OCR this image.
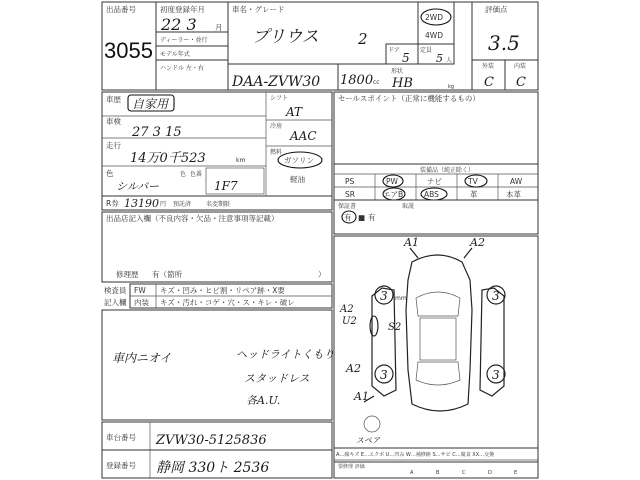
出品番号
3055
初度登録年月
22 3 月
ディーラー・並行
モデル年式
ハンドル 左・右
車名・グレード
プリウス	2
DAA-ZVW30 1800 cc
ドア
5
定員
5 人
形状
HB	kg
2WD
4WD
評価点
3.5
外装	内装
C C
車歴 自家用
車検
27 3 15
走行
14万0千523	km
色
シルバー
色 色番
1F7
シフト
AT
冷房
AAC
燃料
ガソリン
軽油
R券 13190 円 預託済 名変期限
セールスポイント（正常に機能するもの）
装備品（純正除く）
PS	PW	ナビ	TV	AW
SR	エアB	ABS	革	本革
保証書
有 ■
取説
有
出品店記入欄（不良内容・欠品・注意事項等記載）
修理歴 有（箇所	）
検査員
記入欄
FW
内装
キズ・凹み・ヒビ割・リペア跡・X要
キズ・汚れ・コゲ・穴・ス・キレ・破レ
車内ニオイ	ヘッドライトくもり
スタッドレス
各A.U.
3	3
3	3
mm
A1	A2
A2
U2
S2
A2
A1
スペア
車台番号 ZVW30-5125836
登録番号 静岡 330ト 2536
A…線キズ E…エクボ U…凹み W…補修跡 S…サビ C…腐食 XX…交換
要修理 評価
A	B	C	D	E
